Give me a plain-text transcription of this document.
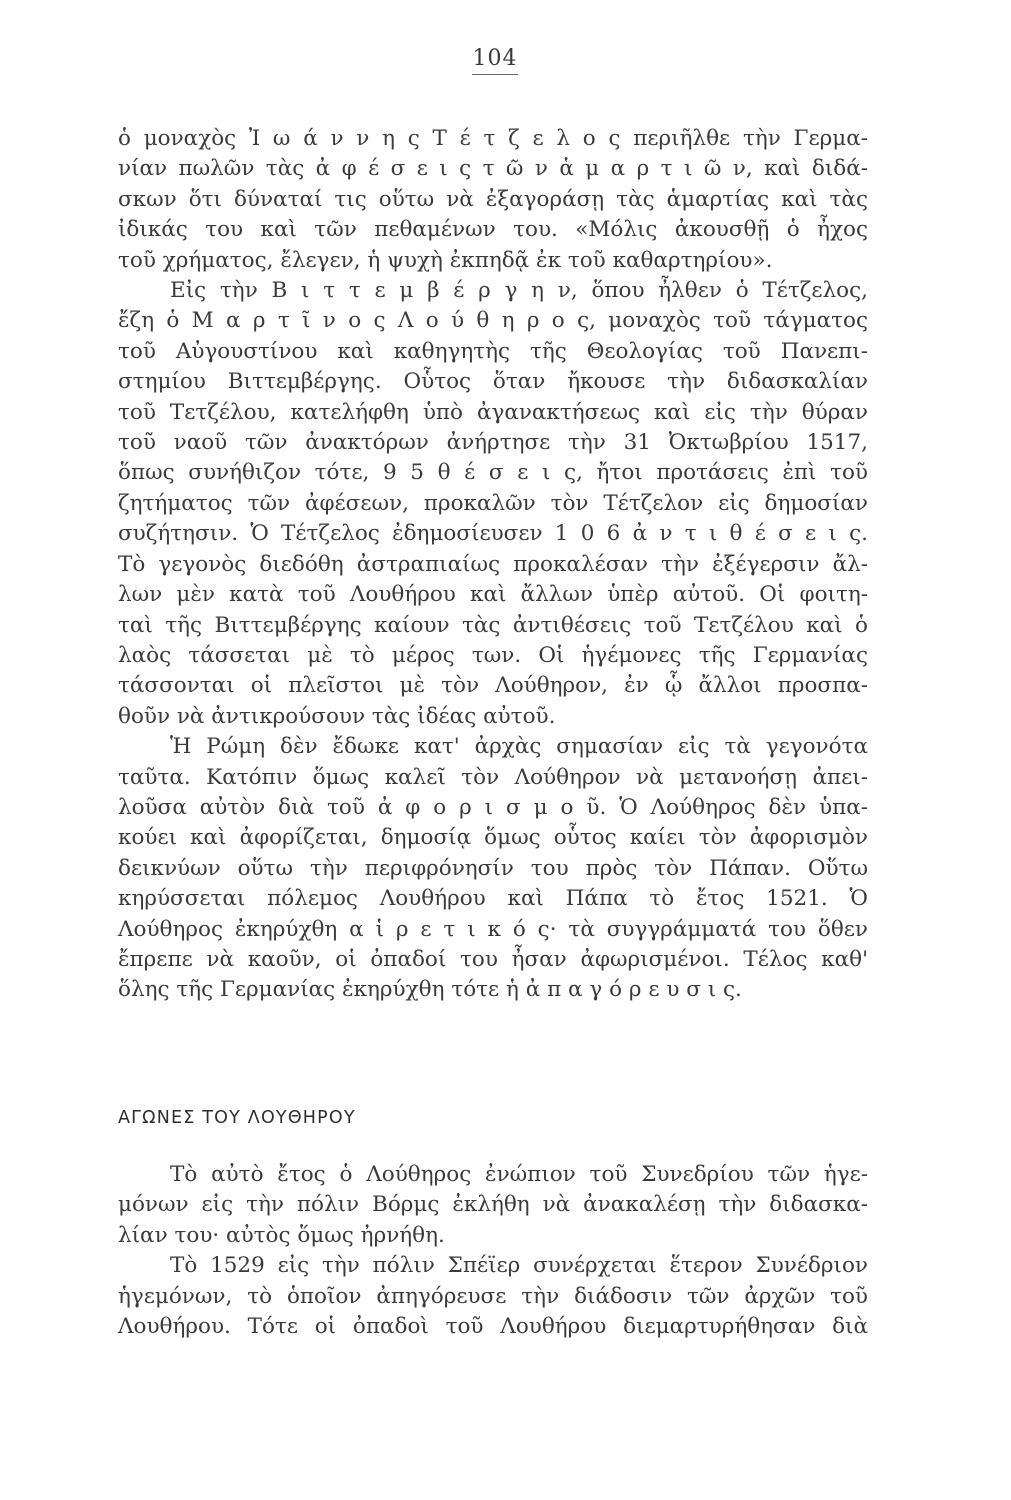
104
ὁ μοναχὸς Ἰ ω ά ν ν η ς Τ έ τ ζ ε λ ο ς περιῆλθε τὴν Γερμα-
νίαν πωλῶν τὰς ἀ φ έ σ ε ι ς τ ῶ ν ἁ μ α ρ τ ι ῶ ν, καὶ διδά-
σκων ὅτι δύναταί τις οὕτω νὰ ἐξαγοράσῃ τὰς ἁμαρτίας καὶ τὰς
ἰδικάς του καὶ τῶν πεθαμένων του. «Μόλις ἀκουσθῇ ὁ ἦχος
τοῦ χρήματος, ἔλεγεν, ἡ ψυχὴ ἐκπηδᾷ ἐκ τοῦ καθαρτηρίου».
Εἰς τὴν Β ι τ τ ε μ β έ ρ γ η ν, ὅπου ἦλθεν ὁ Τέτζελος,
ἔζη ὁ Μ α ρ τ ῖ ν ο ς Λ ο ύ θ η ρ ο ς, μοναχὸς τοῦ τάγματος
τοῦ Αὐγουστίνου καὶ καθηγητὴς τῆς Θεολογίας τοῦ Πανεπι-
στημίου Βιττεμβέργης. Οὗτος ὅταν ἤκουσε τὴν διδασκαλίαν
τοῦ Τετζέλου, κατελήφθη ὑπὸ ἀγανακτήσεως καὶ εἰς τὴν θύραν
τοῦ ναοῦ τῶν ἀνακτόρων ἀνήρτησε τὴν 31 Ὀκτωβρίου 1517,
ὅπως συνήθιζον τότε, 9 5 θ έ σ ε ι ς, ἤτοι προτάσεις ἐπὶ τοῦ
ζητήματος τῶν ἀφέσεων, προκαλῶν τὸν Τέτζελον εἰς δημοσίαν
συζήτησιν. Ὁ Τέτζελος ἐδημοσίευσεν 1 0 6 ἀ ν τ ι θ έ σ ε ι ς.
Τὸ γεγονὸς διεδόθη ἀστραπιαίως προκαλέσαν τὴν ἐξέγερσιν ἄλ-
λων μὲν κατὰ τοῦ Λουθήρου καὶ ἄλλων ὑπὲρ αὐτοῦ. Οἱ φοιτη-
ταὶ τῆς Βιττεμβέργης καίουν τὰς ἀντιθέσεις τοῦ Τετζέλου καὶ ὁ
λαὸς τάσσεται μὲ τὸ μέρος των. Οἱ ἡγέμονες τῆς Γερμανίας
τάσσονται οἱ πλεῖστοι μὲ τὸν Λούθηρον, ἐν ᾧ ἄλλοι προσπα-
θοῦν νὰ ἀντικρούσουν τὰς ἰδέας αὐτοῦ.
Ἡ Ρώμη δὲν ἔδωκε κατ' ἀρχὰς σημασίαν εἰς τὰ γεγονότα
ταῦτα. Κατόπιν ὅμως καλεῖ τὸν Λούθηρον νὰ μετανοήσῃ ἀπει-
λοῦσα αὐτὸν διὰ τοῦ ἀ φ ο ρ ι σ μ ο ῦ. Ὁ Λούθηρος δὲν ὑπα-
κούει καὶ ἀφορίζεται, δημοσίᾳ ὅμως οὗτος καίει τὸν ἀφορισμὸν
δεικνύων οὕτω τὴν περιφρόνησίν του πρὸς τὸν Πάπαν. Οὕτω
κηρύσσεται πόλεμος Λουθήρου καὶ Πάπα τὸ ἔτος 1521. Ὁ
Λούθηρος ἐκηρύχθη α ἱ ρ ε τ ι κ ό ς· τὰ συγγράμματά του ὅθεν
ἔπρεπε νὰ καοῦν, οἱ ὀπαδοί του ἦσαν ἀφωρισμένοι. Τέλος καθ'
ὅλης τῆς Γερμανίας ἐκηρύχθη τότε ἡ ἀ π α γ ό ρ ε υ σ ι ς.
ΑΓΩΝΕΣ ΤΟΥ ΛΟΥΘΗΡΟΥ
Τὸ αὐτὸ ἔτος ὁ Λούθηρος ἐνώπιον τοῦ Συνεδρίου τῶν ἡγε-
μόνων εἰς τὴν πόλιν Βόρμς ἐκλήθη νὰ ἀνακαλέσῃ τὴν διδασκα-
λίαν του· αὐτὸς ὅμως ἠρνήθη.
Τὸ 1529 εἰς τὴν πόλιν Σπέϊερ συνέρχεται ἕτερον Συνέδριον
ἡγεμόνων, τὸ ὁποῖον ἀπηγόρευσε τὴν διάδοσιν τῶν ἀρχῶν τοῦ
Λουθήρου. Τότε οἱ ὀπαδοὶ τοῦ Λουθήρου διεμαρτυρήθησαν διὰ
